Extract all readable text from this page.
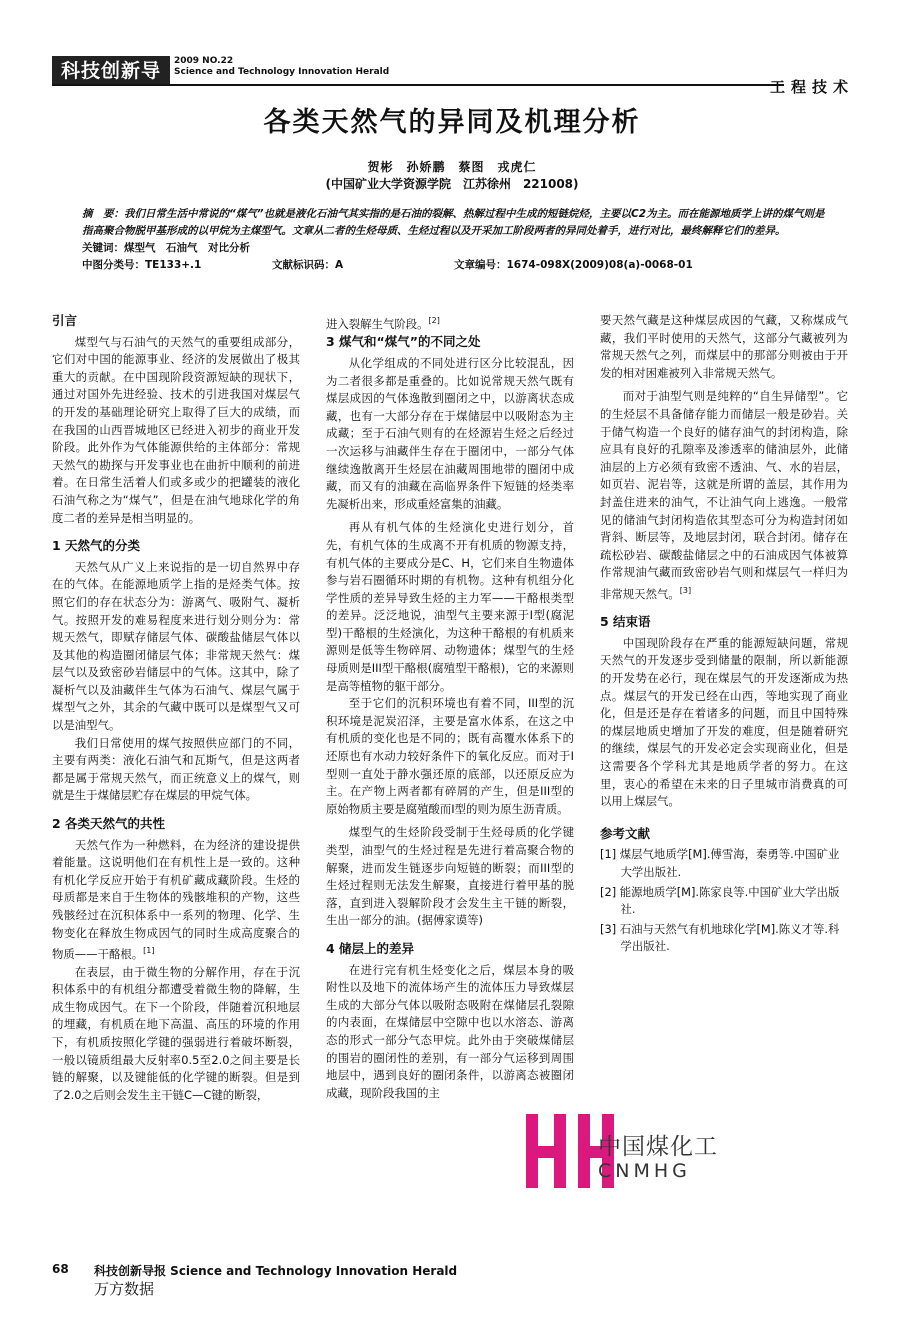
科技创新导报
2009 NO.22
Science and Technology Innovation Herald
工程技术
各类天然气的异同及机理分析
贺彬　孙娇鹏　蔡图　戎虎仁
(中国矿业大学资源学院　江苏徐州　221008)
摘　要：我们日常生活中常说的“煤气”也就是液化石油气其实指的是石油的裂解、热解过程中生成的短链烷烃，主要以C2为主。而在能源地质学上讲的煤气则是指高聚合物脱甲基形成的以甲烷为主煤型气。文章从二者的生烃母质、生烃过程以及开采加工阶段两者的异同处着手，进行对比，最终解释它们的差异。
关键词：煤型气　石油气　对比分析
中图分类号：TE133+.1	文献标识码：A	文章编号：1674-098X(2009)08(a)-0068-01
引言

煤型气与石油气的天然气的重要组成部分，它们对中国的能源事业、经济的发展做出了极其重大的贡献。在中国现阶段资源短缺的现状下，通过对国外先进经验、技术的引进我国对煤层气的开发的基础理论研究上取得了巨大的成绩，而在我国的山西晋城地区已经进入初步的商业开发阶段。此外作为气体能源供给的主体部分：常规天然气的勘探与开发事业也在曲折中顺利的前进着。在日常生活着人们或多或少的把罐装的液化石油气称之为“煤气”，但是在油气地球化学的角度二者的差异是相当明显的。

1 天然气的分类

天然气从广义上来说指的是一切自然界中存在的气体。在能源地质学上指的是烃类气体。按照它们的存在状态分为：游离气、吸附气、凝析气。按照开发的难易程度来进行划分则分为：常规天然气，即赋存储层气体、碳酸盐储层气体以及其他的构造圈闭储层气体；非常规天然气：煤层气以及致密砂岩储层中的气体。这其中，除了凝析气以及油藏伴生气体为石油气、煤层气属于煤型气之外，其余的气藏中既可以是煤型气又可以是油型气。

我们日常使用的煤气按照供应部门的不同，主要有两类：液化石油气和瓦斯气，但是这两者都是属于常规天然气，而正统意义上的煤气，则就是生于煤储层贮存在煤层的甲烷气体。

2 各类天然气的共性

天然气作为一种燃料，在为经济的建设提供着能量。这说明他们在有机性上是一致的。这种有机化学反应开始于有机矿藏成藏阶段。生烃的母质都是来自于生物体的残骸堆积的产物，这些残骸经过在沉积体系中一系列的物理、化学、生物变化在释放生物成因气的同时生成高度聚合的物质——干酪根。[1]

在表层，由于微生物的分解作用，存在于沉积体系中的有机组分都遭受着微生物的降解，生成生物成因气。在下一个阶段，伴随着沉积地层的埋藏，有机质在地下高温、高压的环境的作用下，有机质按照化学键的强弱进行着破坏断裂，一般以镜质组最大反射率0.5至2.0之间主要是长链的解聚，以及键能低的化学键的断裂。但是到了2.0之后则会发生主干链C—C键的断裂，

进入裂解生气阶段。[2]

3 煤气和“煤气”的不同之处

从化学组成的不同处进行区分比较混乱，因为二者很多都是重叠的。比如说常规天然气既有煤层成因的气体逸散到圈闭之中，以游离状态成藏，也有一大部分存在于煤储层中以吸附态为主成藏；至于石油气则有的在烃源岩生烃之后经过一次运移与油藏伴生存在于圈闭中，一部分气体继续逸散离开生烃层在油藏周围地带的圈闭中成藏，而又有的油藏在高临界条件下短链的烃类率先凝析出来，形成重烃富集的油藏。

再从有机气体的生烃演化史进行划分，首先，有机气体的生成离不开有机质的物源支持，有机气体的主要成分是C、H，它们来自生物遗体参与岩石圈循环时期的有机物。这种有机组分化学性质的差异导致生烃的主力军——干酪根类型的差异。泛泛地说，油型气主要来源于I型(腐泥型)干酪根的生烃演化，为这种干酪根的有机质来源则是低等生物碎屑、动物遗体；煤型气的生烃母质则是III型干酪根(腐殖型干酪根)，它的来源则是高等植物的躯干部分。

至于它们的沉积环境也有着不同，III型的沉积环境是泥炭沼泽，主要是富水体系，在这之中有机质的变化也是不同的；既有高覆水体系下的还原也有水动力较好条件下的氧化反应。而对于I型则一直处于静水强还原的底部，以还原反应为主。在产物上两者都有碎屑的产生，但是III型的原始物质主要是腐殖酸而I型的则为原生沥青质。

煤型气的生烃阶段受制于生烃母质的化学键类型，油型气的生烃过程是先进行着高聚合物的解聚，进而发生链逐步向短链的断裂；而III型的生烃过程则无法发生解聚，直接进行着甲基的脱落，直到进入裂解阶段才会发生主干链的断裂，生出一部分的油。(据傅家谟等)

4 储层上的差异

在进行完有机生烃变化之后，煤层本身的吸附性以及地下的流体场产生的流体压力导致煤层生成的大部分气体以吸附态吸附在煤储层孔裂隙的内表面，在煤储层中空隙中也以水溶态、游离态的形式一部分气态甲烷。此外由于突破煤储层的围岩的圈闭性的差别，有一部分气运移到周围地层中，遇到良好的圈闭条件，以游离态被圈闭成藏，现阶段我国的主

要天然气藏是这种煤层成因的气藏，又称煤成气藏，我们平时使用的天然气，这部分气藏被列为常规天然气之列，而煤层中的那部分则被由于开发的相对困难被列入非常规天然气。

而对于油型气则是纯粹的“自生异储型”。它的生烃层不具备储存能力而储层一般是砂岩。关于储气构造一个良好的储存油气的封闭构造，除应具有良好的孔隙率及渗透率的储油层外，此储油层的上方必须有致密不透油、气、水的岩层，如页岩、泥岩等，这就是所谓的盖层，其作用为封盖住进来的油气，不让油气向上逃逸。一般常见的储油气封闭构造依其型态可分为构造封闭如背斜、断层等，及地层封闭，联合封闭。储存在疏松砂岩、碳酸盐储层之中的石油成因气体被算作常规油气藏而致密砂岩气则和煤层气一样归为非常规天然气。[3]

5 结束语

中国现阶段存在严重的能源短缺问题，常规天然气的开发逐步受到储量的限制，所以新能源的开发势在必行，现在煤层气的开发逐渐成为热点。煤层气的开发已经在山西，等地实现了商业化，但是还是存在着诸多的问题，而且中国特殊的煤层地质史增加了开发的难度，但是随着研究的继续，煤层气的开发必定会实现商业化，但是这需要各个学科尤其是地质学者的努力。在这里，衷心的希望在未来的日子里城市消费真的可以用上煤层气。

参考文献
[1] 煤层气地质学[M].傅雪海，秦勇等.中国矿业大学出版社.
[2] 能源地质学[M].陈家良等.中国矿业大学出版社.
[3] 石油与天然气有机地球化学[M].陈义才等.科学出版社.
中国煤化工
CNMHG
68 科技创新导报 Science and Technology Innovation Herald
万方数据
